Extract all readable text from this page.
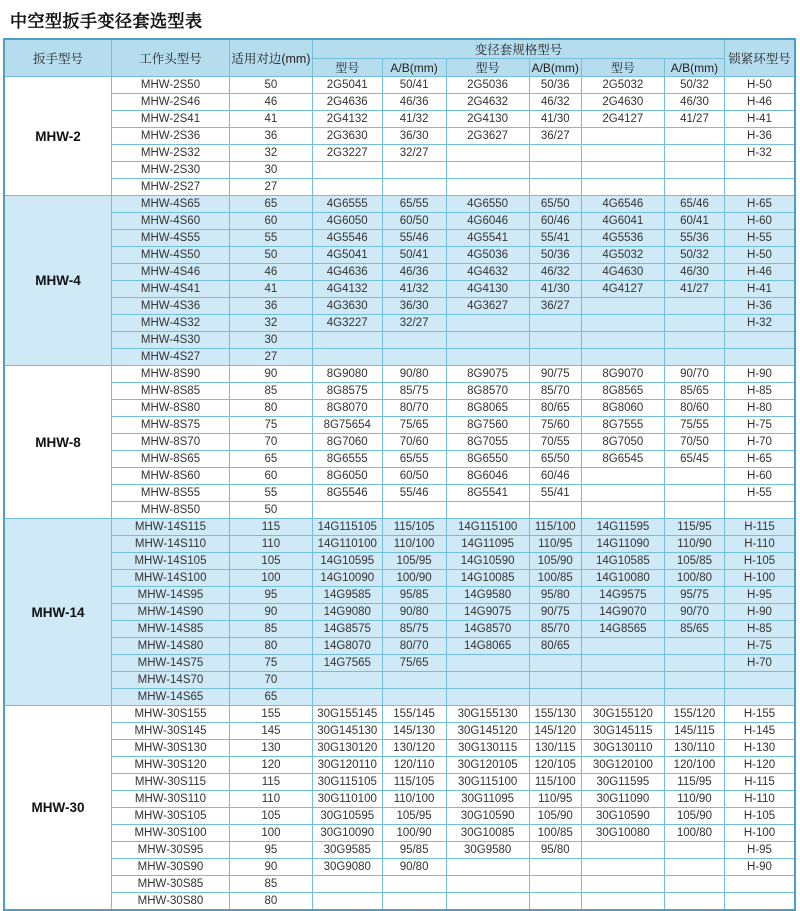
中空型扳手变径套选型表
扳手型号	工作头型号	适用对边(mm)	变径套规格型号						锁紧环型号
			型号	A/B(mm)	型号	A/B(mm)	型号	A/B(mm)	
MHW-2	MHW-2S50	50	2G5041	50/41	2G5036	50/36	2G5032	50/32	H-50
	MHW-2S46	46	2G4636	46/36	2G4632	46/32	2G4630	46/30	H-46
	MHW-2S41	41	2G4132	41/32	2G4130	41/30	2G4127	41/27	H-41
	MHW-2S36	36	2G3630	36/30	2G3627	36/27			H-36
	MHW-2S32	32	2G3227	32/27					H-32
	MHW-2S30	30							
	MHW-2S27	27							
MHW-4	MHW-4S65	65	4G6555	65/55	4G6550	65/50	4G6546	65/46	H-65
	MHW-4S60	60	4G6050	60/50	4G6046	60/46	4G6041	60/41	H-60
	MHW-4S55	55	4G5546	55/46	4G5541	55/41	4G5536	55/36	H-55
	MHW-4S50	50	4G5041	50/41	4G5036	50/36	4G5032	50/32	H-50
	MHW-4S46	46	4G4636	46/36	4G4632	46/32	4G4630	46/30	H-46
	MHW-4S41	41	4G4132	41/32	4G4130	41/30	4G4127	41/27	H-41
	MHW-4S36	36	4G3630	36/30	4G3627	36/27			H-36
	MHW-4S32	32	4G3227	32/27					H-32
	MHW-4S30	30							
	MHW-4S27	27							
MHW-8	MHW-8S90	90	8G9080	90/80	8G9075	90/75	8G9070	90/70	H-90
	MHW-8S85	85	8G8575	85/75	8G8570	85/70	8G8565	85/65	H-85
	MHW-8S80	80	8G8070	80/70	8G8065	80/65	8G8060	80/60	H-80
	MHW-8S75	75	8G75654	75/65	8G7560	75/60	8G7555	75/55	H-75
	MHW-8S70	70	8G7060	70/60	8G7055	70/55	8G7050	70/50	H-70
	MHW-8S65	65	8G6555	65/55	8G6550	65/50	8G6545	65/45	H-65
	MHW-8S60	60	8G6050	60/50	8G6046	60/46			H-60
	MHW-8S55	55	8G5546	55/46	8G5541	55/41			H-55
	MHW-8S50	50							
MHW-14	MHW-14S115	115	14G115105	115/105	14G115100	115/100	14G11595	115/95	H-115
	MHW-14S110	110	14G110100	110/100	14G11095	110/95	14G11090	110/90	H-110
	MHW-14S105	105	14G10595	105/95	14G10590	105/90	14G10585	105/85	H-105
	MHW-14S100	100	14G10090	100/90	14G10085	100/85	14G10080	100/80	H-100
	MHW-14S95	95	14G9585	95/85	14G9580	95/80	14G9575	95/75	H-95
	MHW-14S90	90	14G9080	90/80	14G9075	90/75	14G9070	90/70	H-90
	MHW-14S85	85	14G8575	85/75	14G8570	85/70	14G8565	85/65	H-85
	MHW-14S80	80	14G8070	80/70	14G8065	80/65			H-75
	MHW-14S75	75	14G7565	75/65					H-70
	MHW-14S70	70							
	MHW-14S65	65							
MHW-30	MHW-30S155	155	30G155145	155/145	30G155130	155/130	30G155120	155/120	H-155
	MHW-30S145	145	30G145130	145/130	30G145120	145/120	30G145115	145/115	H-145
	MHW-30S130	130	30G130120	130/120	30G130115	130/115	30G130110	130/110	H-130
	MHW-30S120	120	30G120110	120/110	30G120105	120/105	30G120100	120/100	H-120
	MHW-30S115	115	30G115105	115/105	30G115100	115/100	30G11595	115/95	H-115
	MHW-30S110	110	30G110100	110/100	30G11095	110/95	30G11090	110/90	H-110
	MHW-30S105	105	30G10595	105/95	30G10590	105/90	30G10590	105/90	H-105
	MHW-30S100	100	30G10090	100/90	30G10085	100/85	30G10080	100/80	H-100
	MHW-30S95	95	30G9585	95/85	30G9580	95/80			H-95
	MHW-30S90	90	30G9080	90/80					H-90
	MHW-30S85	85							
	MHW-30S80	80							
